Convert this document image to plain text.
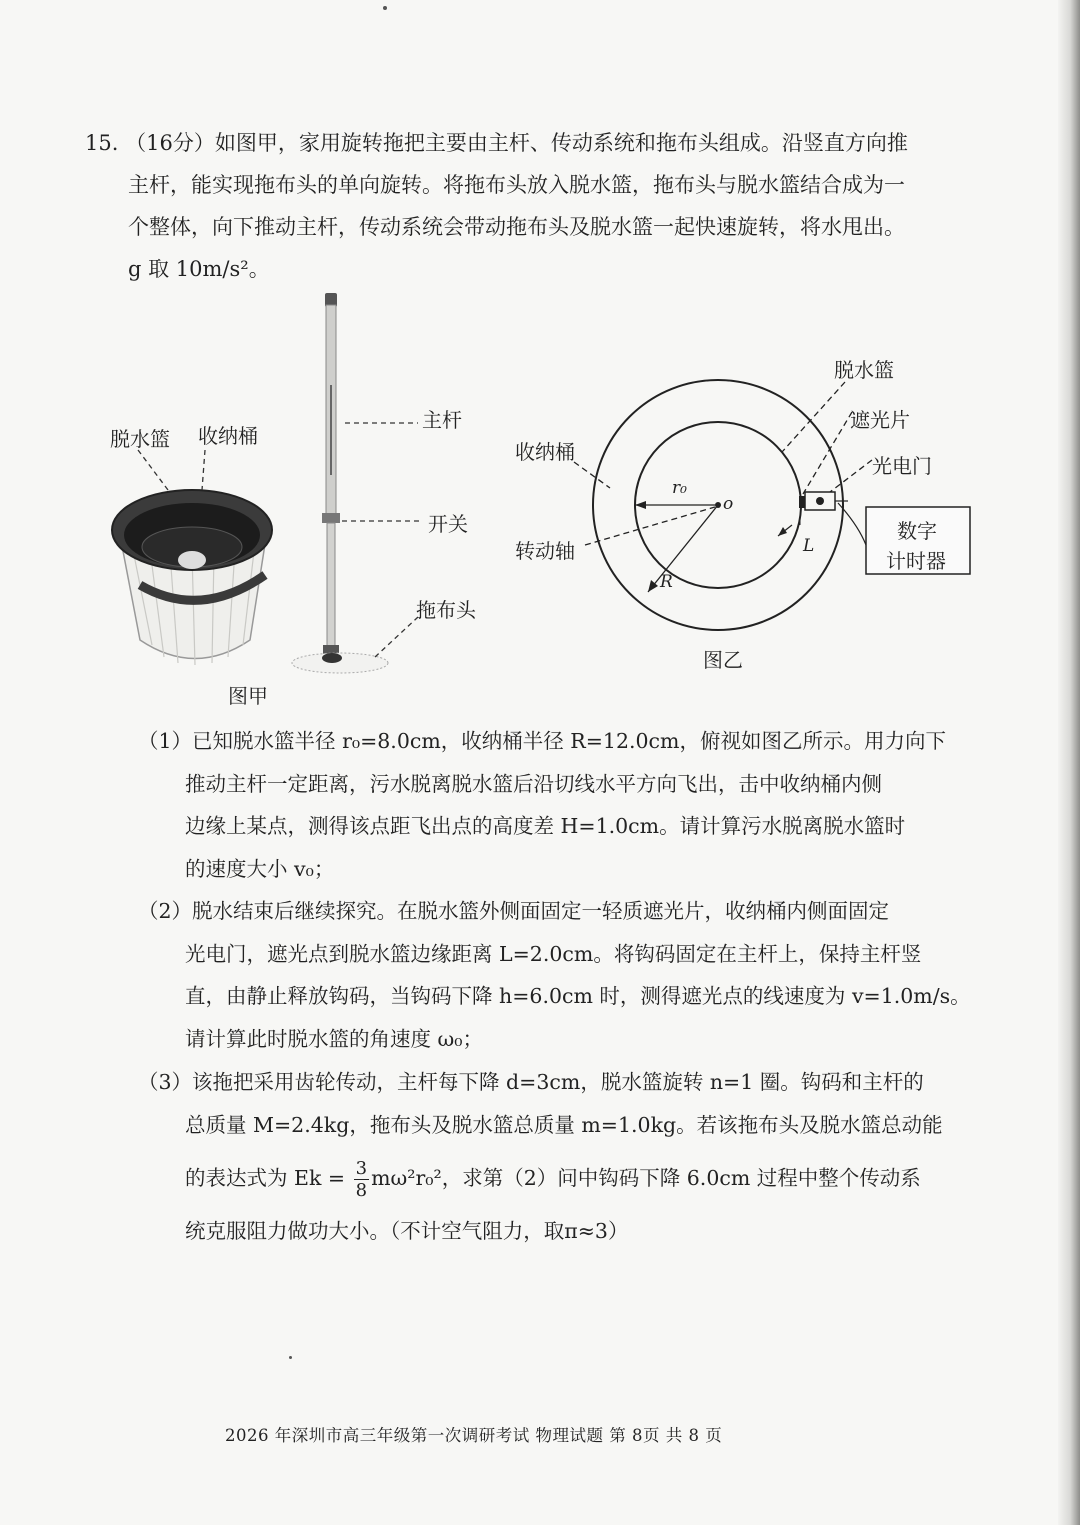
15. （16分）如图甲，家用旋转拖把主要由主杆、传动系统和拖布头组成。沿竖直方向推
主杆，能实现拖布头的单向旋转。将拖布头放入脱水篮，拖布头与脱水篮结合成为一
个整体，向下推动主杆，传动系统会带动拖布头及脱水篮一起快速旋转，将水甩出。
g 取 10m/s²。
脱水篮 收纳桶
主杆
开关
拖布头
图甲
脱水篮
遮光片
光电门
收纳桶
转动轴
数字
计时器
r₀
o
R
L
图乙
（1）已知脱水篮半径 r₀=8.0cm，收纳桶半径 R=12.0cm，俯视如图乙所示。用力向下
推动主杆一定距离，污水脱离脱水篮后沿切线水平方向飞出，击中收纳桶内侧
边缘上某点，测得该点距飞出点的高度差 H=1.0cm。请计算污水脱离脱水篮时
的速度大小 v₀；
（2）脱水结束后继续探究。在脱水篮外侧面固定一轻质遮光片，收纳桶内侧面固定
光电门，遮光点到脱水篮边缘距离 L=2.0cm。将钩码固定在主杆上，保持主杆竖
直，由静止释放钩码，当钩码下降 h=6.0cm 时，测得遮光点的线速度为 v=1.0m/s。
请计算此时脱水篮的角速度 ω₀；
（3）该拖把采用齿轮传动，主杆每下降 d=3cm，脱水篮旋转 n=1 圈。钩码和主杆的
总质量 M=2.4kg，拖布头及脱水篮总质量 m=1.0kg。若该拖布头及脱水篮总动能
的表达式为 $Ek = \frac{3}{8} m\omega^2r_0^2$，求第（2）问中钩码下降 6.0cm 过程中整个传动系
统克服阻力做功大小。（不计空气阻力，取π≈3）
2026 年深圳市高三年级第一次调研考试 物理试题 第 8页 共 8 页
